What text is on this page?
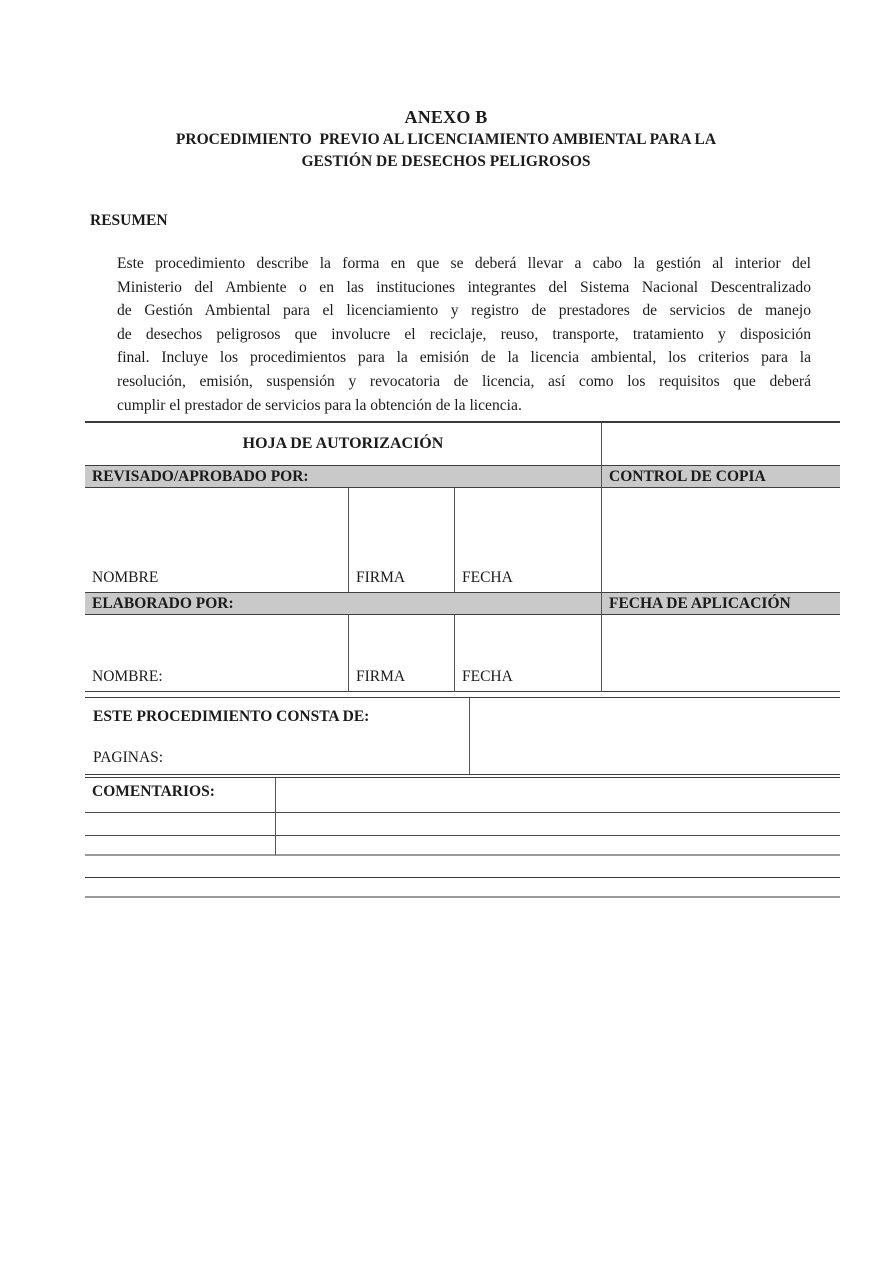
ANEXO B
PROCEDIMIENTO  PREVIO AL LICENCIAMIENTO AMBIENTAL PARA LA
GESTIÓN DE DESECHOS PELIGROSOS
RESUMEN
Este procedimiento describe la forma en que se deberá llevar a cabo la gestión al interior del
Ministerio del Ambiente o en las instituciones integrantes del Sistema Nacional Descentralizado
de Gestión Ambiental para el licenciamiento y registro de prestadores de servicios de manejo
de desechos peligrosos que involucre el reciclaje, reuso, transporte, tratamiento y disposición
final. Incluye los procedimientos para la emisión de la licencia ambiental, los criterios para la
resolución, emisión, suspensión y revocatoria de licencia, así como los requisitos que deberá
cumplir el prestador de servicios para la obtención de la licencia.
HOJA DE AUTORIZACIÓN
REVISADO/APROBADO POR:	CONTROL DE COPIA
NOMBRE	FIRMA	FECHA
ELABORADO POR:	FECHA DE APLICACIÓN
NOMBRE:	FIRMA	FECHA
ESTE PROCEDIMIENTO CONSTA DE:
PAGINAS:
COMENTARIOS:
